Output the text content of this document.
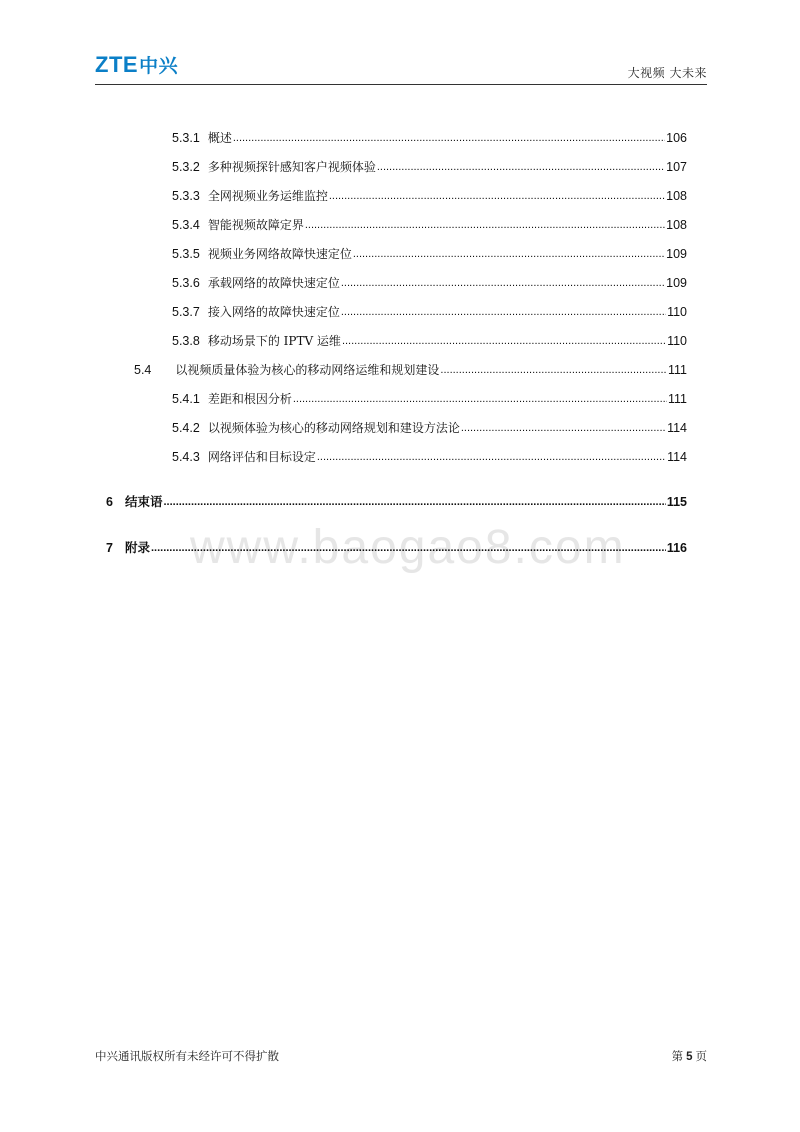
ZTE中兴	大视频 大未来
www.baogao8.com
5.3.1 概述 .....	106
5.3.2 多种视频探针感知客户视频体验 .....	107
5.3.3 全网视频业务运维监控 .....	108
5.3.4 智能视频故障定界 .....	108
5.3.5 视频业务网络故障快速定位 .....	109
5.3.6 承载网络的故障快速定位 .....	109
5.3.7 接入网络的故障快速定位 .....	110
5.3.8 移动场景下的 IPTV 运维 .....	110
5.4 以视频质量体验为核心的移动网络运维和规划建设 .....	111
5.4.1 差距和根因分析 .....	111
5.4.2 以视频体验为核心的移动网络规划和建设方法论 .....	114
5.4.3 网络评估和目标设定 .....	114
6 结束语 .....	115
7 附录 .....	116
中兴通讯版权所有未经许可不得扩散	第 5 页
